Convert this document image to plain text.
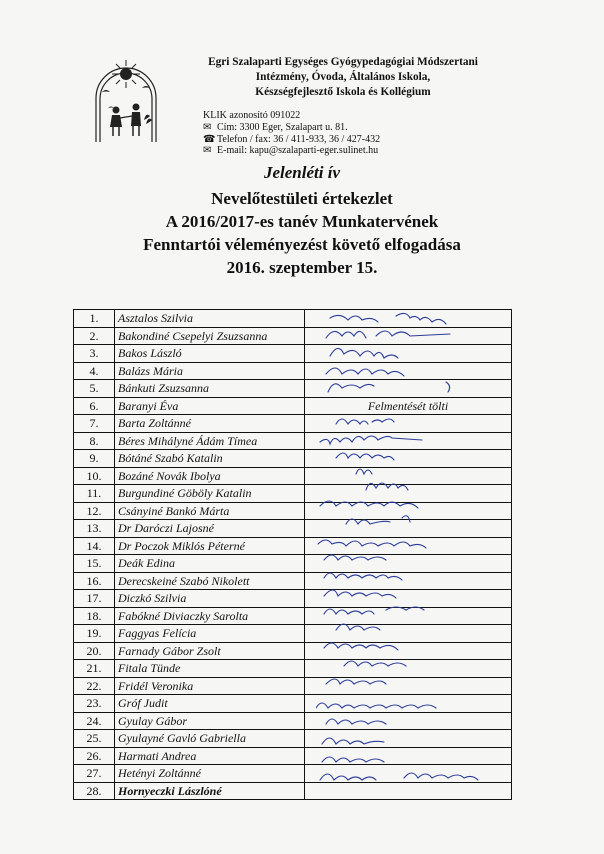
Egri Szalaparti Egységes Gyógypedagógiai Módszertani
Intézmény, Óvoda, Általános Iskola,
Készségfejlesztő Iskola és Kollégium
KLIK azonosító 091022
✉ Cím: 3300 Eger, Szalapart u. 81.
☎ Telefon / fax: 36 / 411-933, 36 / 427-432
✉ E-mail: kapu@szalaparti-eger.sulinet.hu
Jelenléti ív
Nevelőtestületi értekezlet
A 2016/2017-es tanév Munkatervének
Fenntartói véleményezést követő elfogadása
2016. szeptember 15.
1.	Asztalos Szilvia	
2.	Bakondiné Csepelyi Zsuzsanna	
3.	Bakos László	
4.	Balázs Mária	
5.	Bánkuti Zsuzsanna	
6.	Baranyi Éva	Felmentését tölti

7.	Barta Zoltánné	
8.	Béres Mihályné Ádám Tímea	
9.	Bótáné Szabó Katalin	
10.	Bozáné Novák Ibolya	
11.	Burgundiné Göböly Katalin	
12.	Csányiné Bankó Márta	
13.	Dr Daróczi Lajosné	
14.	Dr Poczok Miklós Péterné	
15.	Deák Edina	
16.	Derecskeiné Szabó Nikolett	
17.	Diczkó Szilvia	
18.	Fabókné Diviaczky Sarolta	
19.	Faggyas Felícia	
20.	Farnady Gábor Zsolt	
21.	Fitala Tünde	
22.	Fridél Veronika	
23.	Gróf Judit	
24.	Gyulay Gábor	
25.	Gyulayné Gavló Gabriella	
26.	Harmati Andrea	
27.	Hetényi Zoltánné	
28.	Hornyeczki Lászlóné	
